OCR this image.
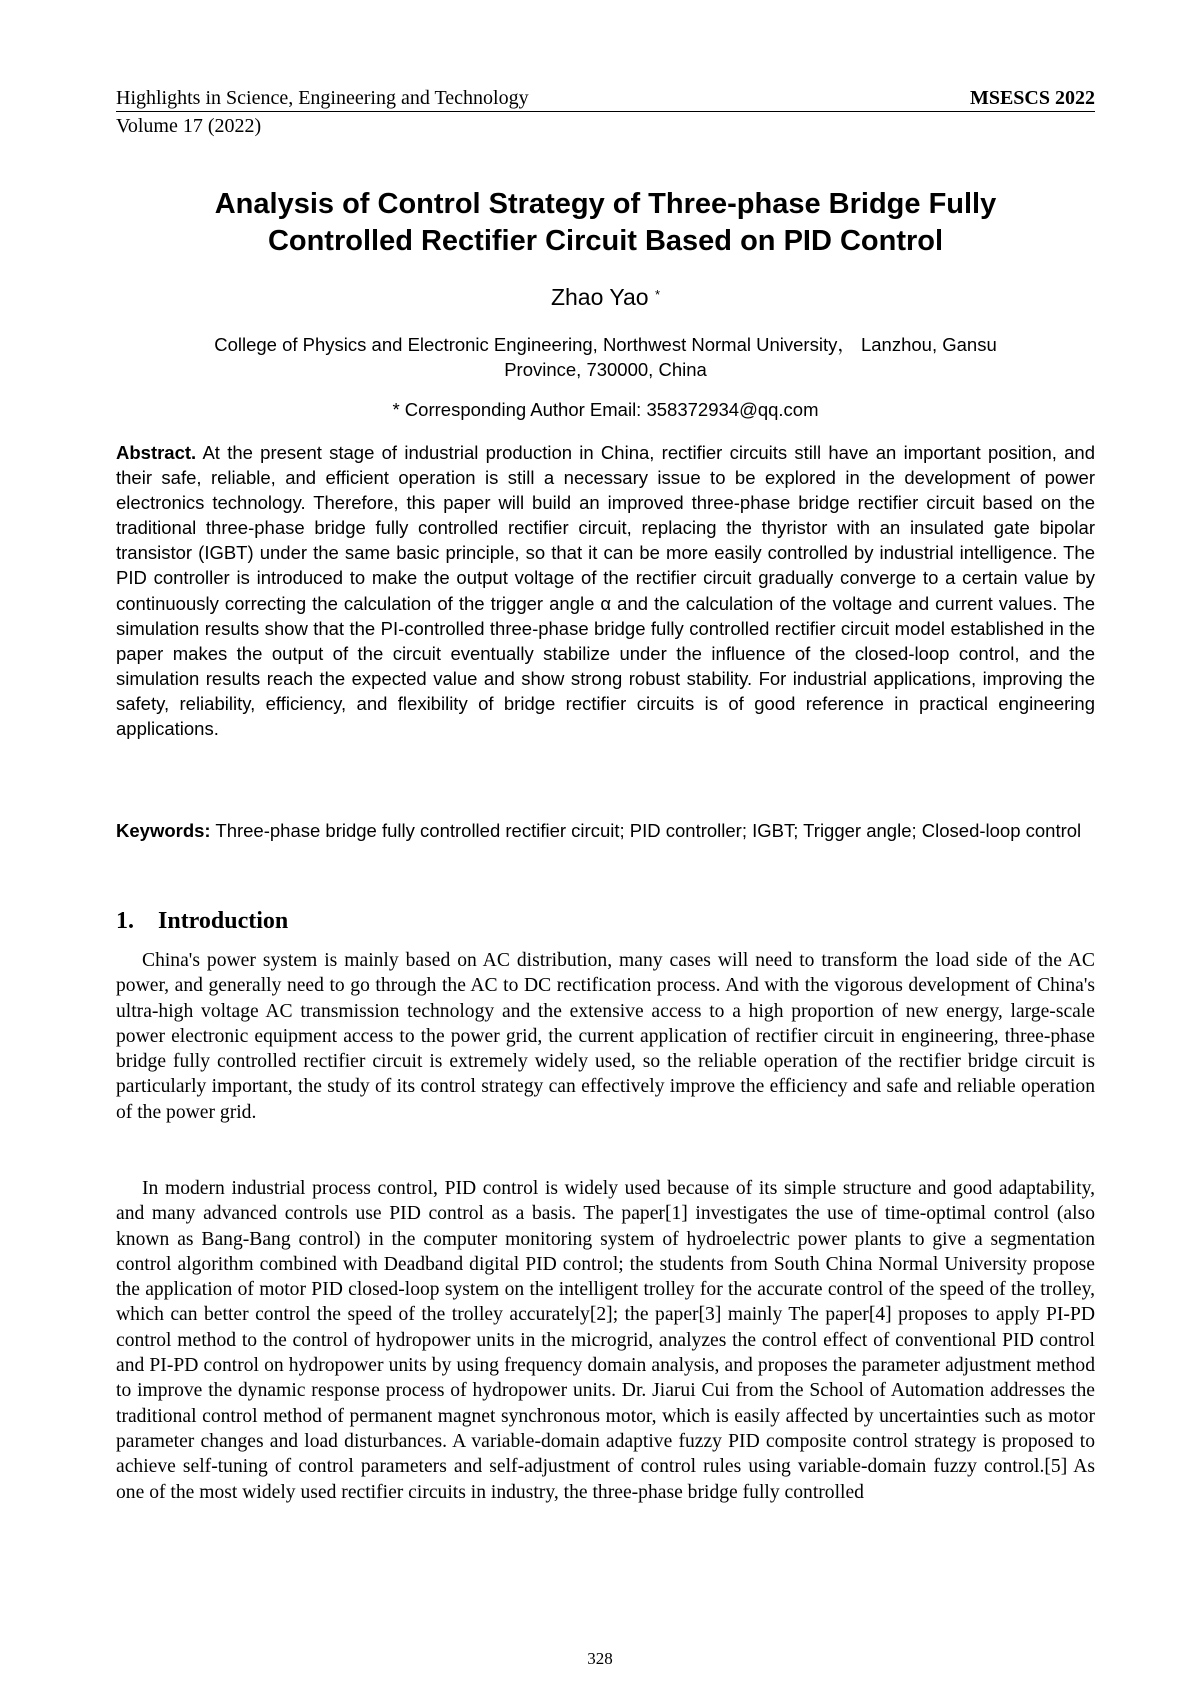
Highlights in Science, Engineering and Technology	MSESCS 2022
Volume 17 (2022)
Analysis of Control Strategy of Three-phase Bridge Fully
Controlled Rectifier Circuit Based on PID Control
Zhao Yao *
College of Physics and Electronic Engineering, Northwest Normal University， Lanzhou, Gansu
Province, 730000, China
* Corresponding Author Email: 358372934@qq.com
Abstract. At the present stage of industrial production in China, rectifier circuits still have an important position, and their safe, reliable, and efficient operation is still a necessary issue to be explored in the development of power electronics technology. Therefore, this paper will build an improved three-phase bridge rectifier circuit based on the traditional three-phase bridge fully controlled rectifier circuit, replacing the thyristor with an insulated gate bipolar transistor (IGBT) under the same basic principle, so that it can be more easily controlled by industrial intelligence. The PID controller is introduced to make the output voltage of the rectifier circuit gradually converge to a certain value by continuously correcting the calculation of the trigger angle α and the calculation of the voltage and current values. The simulation results show that the PI-controlled three-phase bridge fully controlled rectifier circuit model established in the paper makes the output of the circuit eventually stabilize under the influence of the closed-loop control, and the simulation results reach the expected value and show strong robust stability. For industrial applications, improving the safety, reliability, efficiency, and flexibility of bridge rectifier circuits is of good reference in practical engineering applications.
Keywords: Three-phase bridge fully controlled rectifier circuit; PID controller; IGBT; Trigger angle; Closed-loop control
1. Introduction

China's power system is mainly based on AC distribution, many cases will need to transform the load side of the AC power, and generally need to go through the AC to DC rectification process. And with the vigorous development of China's ultra-high voltage AC transmission technology and the extensive access to a high proportion of new energy, large-scale power electronic equipment access to the power grid, the current application of rectifier circuit in engineering, three-phase bridge fully controlled rectifier circuit is extremely widely used, so the reliable operation of the rectifier bridge circuit is particularly important, the study of its control strategy can effectively improve the efficiency and safe and reliable operation of the power grid.

In modern industrial process control, PID control is widely used because of its simple structure and good adaptability, and many advanced controls use PID control as a basis. The paper[1] investigates the use of time-optimal control (also known as Bang-Bang control) in the computer monitoring system of hydroelectric power plants to give a segmentation control algorithm combined with Deadband digital PID control; the students from South China Normal University propose the application of motor PID closed-loop system on the intelligent trolley for the accurate control of the speed of the trolley, which can better control the speed of the trolley accurately[2]; the paper[3] mainly The paper[4] proposes to apply PI-PD control method to the control of hydropower units in the microgrid, analyzes the control effect of conventional PID control and PI-PD control on hydropower units by using frequency domain analysis, and proposes the parameter adjustment method to improve the dynamic response process of hydropower units. Dr. Jiarui Cui from the School of Automation addresses the traditional control method of permanent magnet synchronous motor, which is easily affected by uncertainties such as motor parameter changes and load disturbances. A variable-domain adaptive fuzzy PID composite control strategy is proposed to achieve self-tuning of control parameters and self-adjustment of control rules using variable-domain fuzzy control.[5] As one of the most widely used rectifier circuits in industry, the three-phase bridge fully controlled

328
